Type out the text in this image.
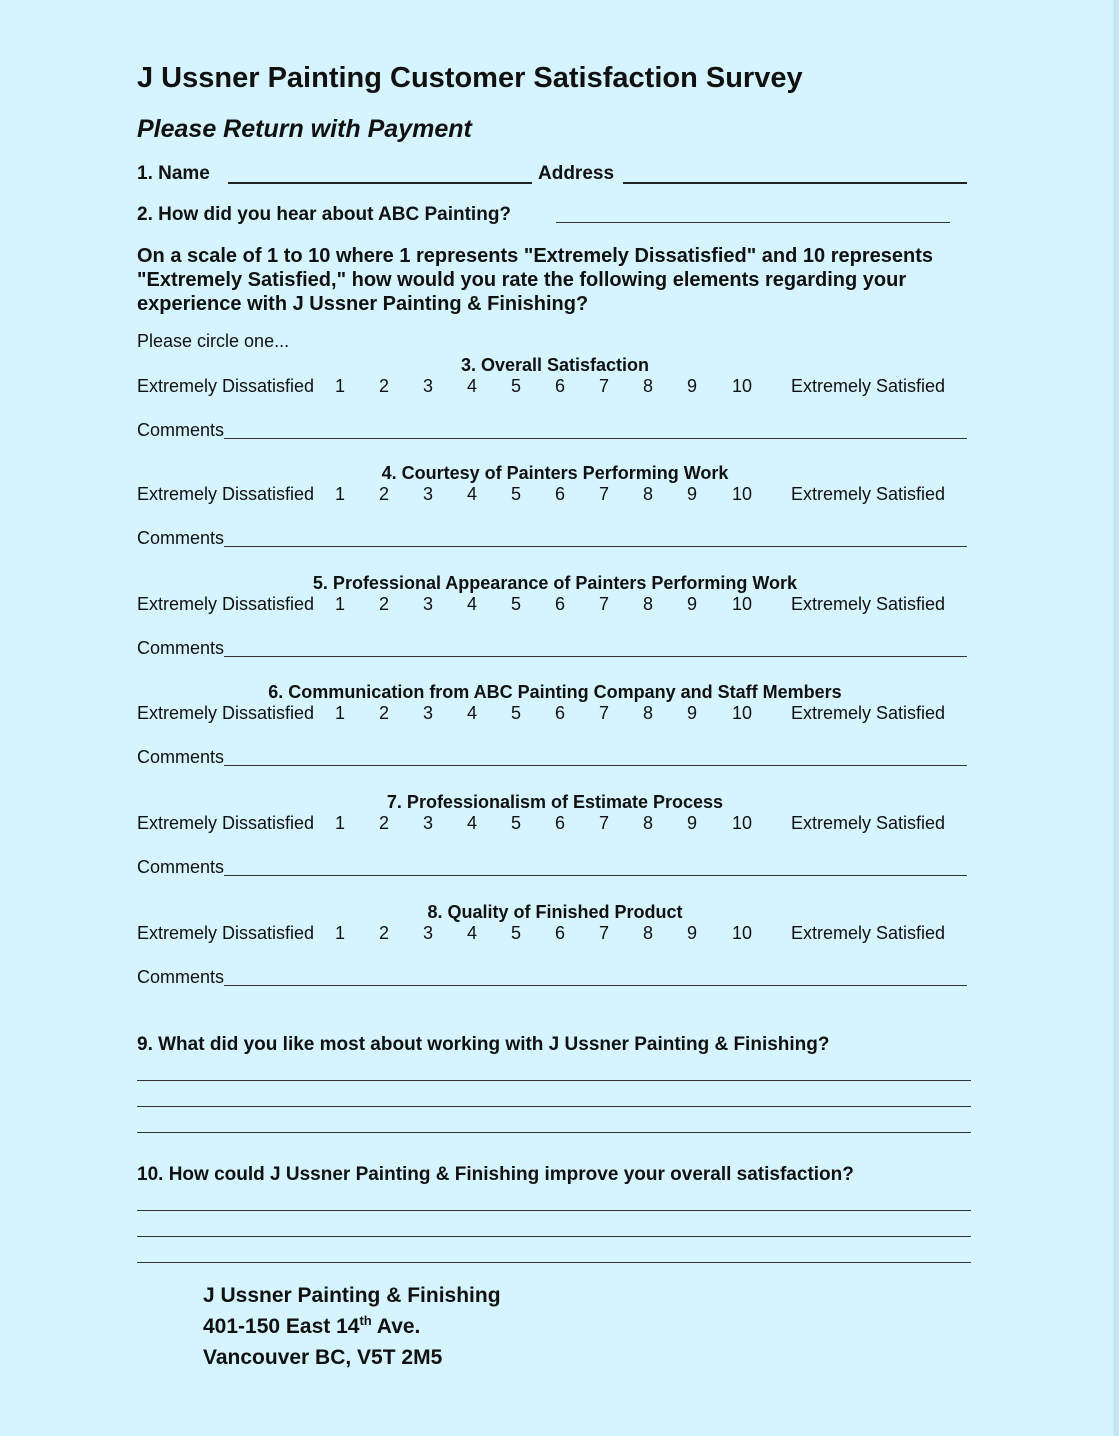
J Ussner Painting Customer Satisfaction Survey
Please Return with Payment
1. Name	Address
2. How did you hear about ABC Painting?
On a scale of 1 to 10 where 1 represents "Extremely Dissatisfied" and 10 represents "Extremely Satisfied," how would you rate the following elements regarding your experience with J Ussner Painting & Finishing?
Please circle one...
3. Overall Satisfaction
Extremely Dissatisfied 1 2 3 4 5 6 7 8 9 10 Extremely Satisfied
Comments
4. Courtesy of Painters Performing Work
Extremely Dissatisfied 1 2 3 4 5 6 7 8 9 10 Extremely Satisfied
Comments
5. Professional Appearance of Painters Performing Work
Extremely Dissatisfied 1 2 3 4 5 6 7 8 9 10 Extremely Satisfied
Comments
6. Communication from ABC Painting Company and Staff Members
Extremely Dissatisfied 1 2 3 4 5 6 7 8 9 10 Extremely Satisfied
Comments
7. Professionalism of Estimate Process
Extremely Dissatisfied 1 2 3 4 5 6 7 8 9 10 Extremely Satisfied
Comments
8. Quality of Finished Product
Extremely Dissatisfied 1 2 3 4 5 6 7 8 9 10 Extremely Satisfied
Comments
9. What did you like most about working with J Ussner Painting & Finishing?
10. How could J Ussner Painting & Finishing improve your overall satisfaction?
J Ussner Painting & Finishing
401-150 East 14th Ave.
Vancouver BC, V5T 2M5
